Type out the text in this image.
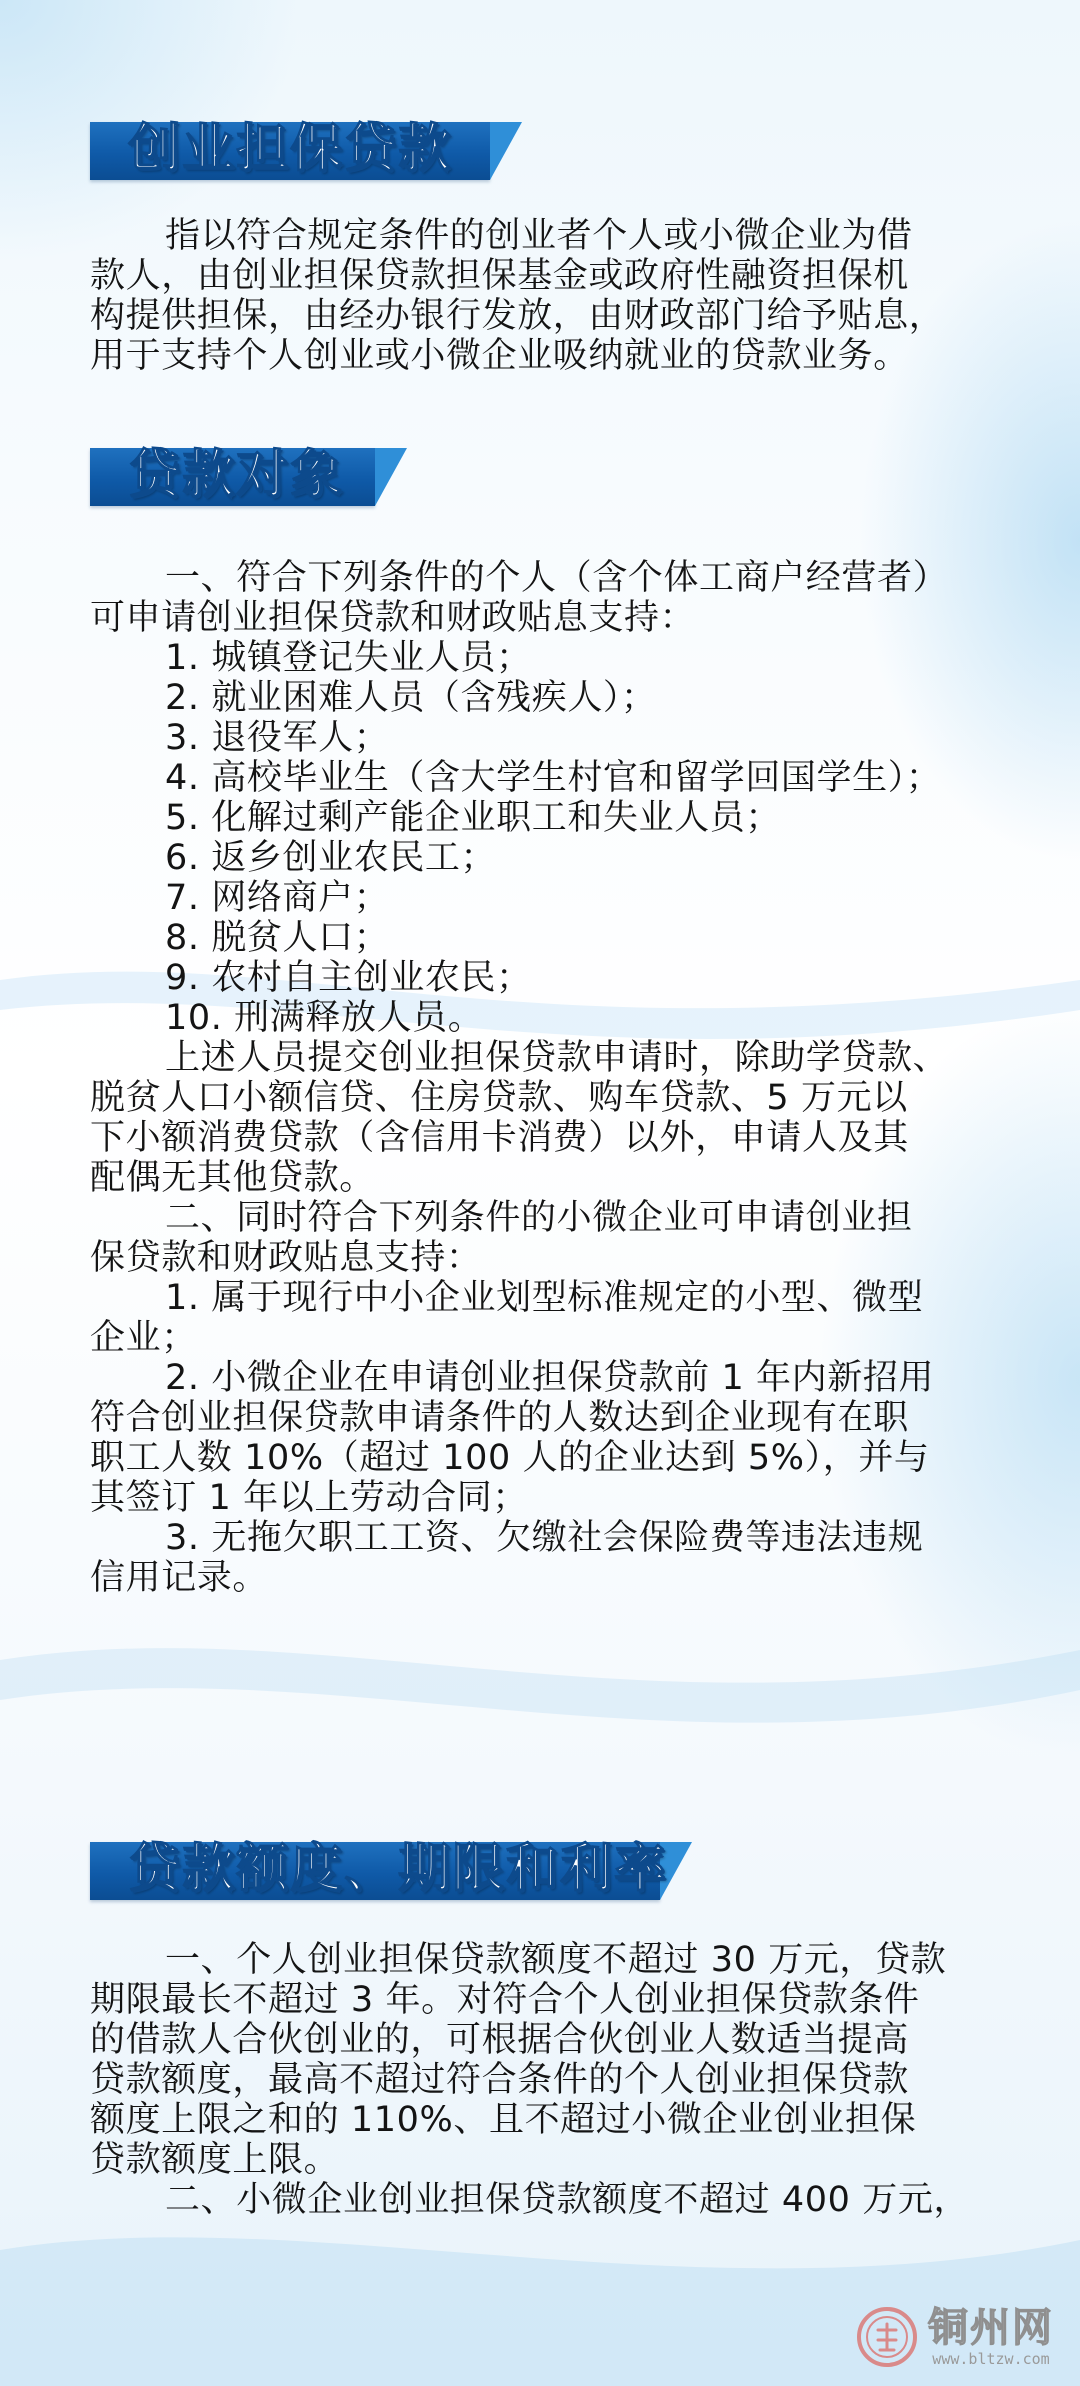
创业担保贷款

指以符合规定条件的创业者个人或小微企业为借

款人，由创业担保贷款担保基金或政府性融资担保机

构提供担保，由经办银行发放，由财政部门给予贴息，

用于支持个人创业或小微企业吸纳就业的贷款业务。

贷款对象

一、符合下列条件的个人（含个体工商户经营者）

可申请创业担保贷款和财政贴息支持：

1. 城镇登记失业人员；

2. 就业困难人员（含残疾人）；

3. 退役军人；

4. 高校毕业生（含大学生村官和留学回国学生）；

5. 化解过剩产能企业职工和失业人员；

6. 返乡创业农民工；

7. 网络商户；

8. 脱贫人口；

9. 农村自主创业农民；

10. 刑满释放人员。

上述人员提交创业担保贷款申请时，除助学贷款、

脱贫人口小额信贷、住房贷款、购车贷款、5 万元以

下小额消费贷款（含信用卡消费）以外，申请人及其

配偶无其他贷款。

二、同时符合下列条件的小微企业可申请创业担

保贷款和财政贴息支持：

1. 属于现行中小企业划型标准规定的小型、微型

企业；

2. 小微企业在申请创业担保贷款前 1 年内新招用

符合创业担保贷款申请条件的人数达到企业现有在职

职工人数 10%（超过 100 人的企业达到 5%），并与

其签订 1 年以上劳动合同；

3. 无拖欠职工工资、欠缴社会保险费等违法违规

信用记录。

贷款额度、期限和利率

一、个人创业担保贷款额度不超过 30 万元，贷款

期限最长不超过 3 年。对符合个人创业担保贷款条件

的借款人合伙创业的，可根据合伙创业人数适当提高

贷款额度，最高不超过符合条件的个人创业担保贷款

额度上限之和的 110%、且不超过小微企业创业担保

贷款额度上限。

二、小微企业创业担保贷款额度不超过 400 万元，

铜州网
www.bltzw.com
